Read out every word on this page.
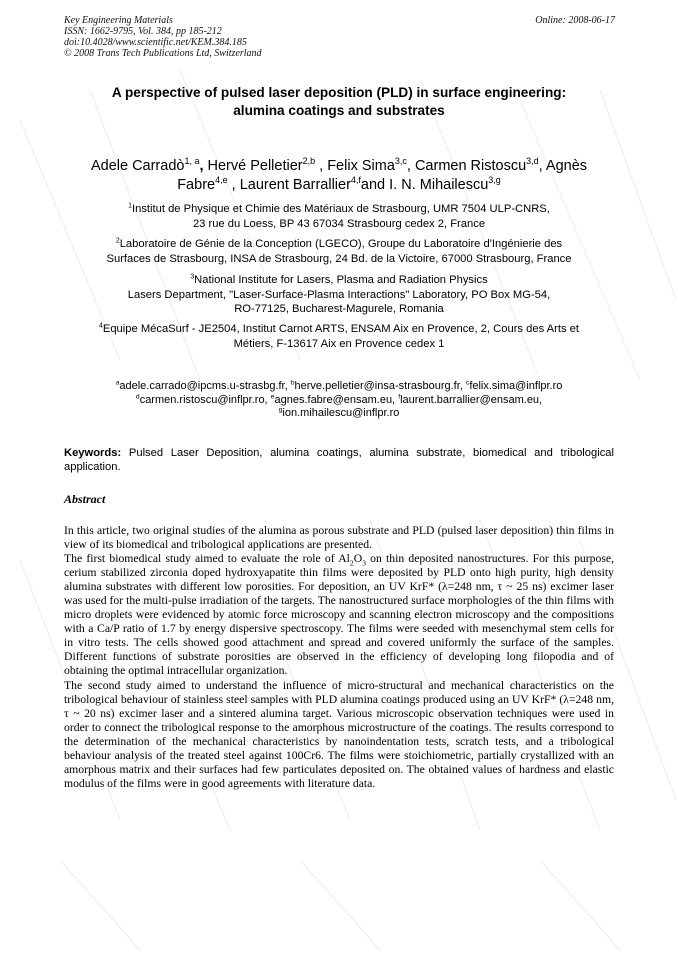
Key Engineering Materials
ISSN: 1662-9795, Vol. 384, pp 185-212
doi:10.4028/www.scientific.net/KEM.384.185
© 2008 Trans Tech Publications Ltd, Switzerland
Online: 2008-06-17
A perspective of pulsed laser deposition (PLD) in surface engineering:
alumina coatings and substrates
Adele Carradò$^{1, a}$, Hervé Pelletier$^{2,b}$ , Felix Sima$^{3,c}$, Carmen Ristoscu$^{3,d}$, Agnès
Fabre$^{4,e}$ , Laurent Barrallier$^{4,f}$and I. N. Mihailescu$^{3,g}$
$^1$Institut de Physique et Chimie des Matériaux de Strasbourg, UMR 7504 ULP-CNRS,
23 rue du Loess, BP 43 67034 Strasbourg cedex 2, France
$^2$Laboratoire de Génie de la Conception (LGECO), Groupe du Laboratoire d'Ingénierie des
Surfaces de Strasbourg, INSA de Strasbourg, 24 Bd. de la Victoire, 67000 Strasbourg, France
$^3$National Institute for Lasers, Plasma and Radiation Physics
Lasers Department, "Laser-Surface-Plasma Interactions" Laboratory, PO Box MG-54,
RO-77125, Bucharest-Magurele, Romania
$^4$Equipe MécaSurf - JE2504, Institut Carnot ARTS, ENSAM Aix en Provence, 2, Cours des Arts et
Métiers, F-13617 Aix en Provence cedex 1
$^a$adele.carrado@ipcms.u-strasbg.fr, $^b$herve.pelletier@insa-strasbourg.fr, $^c$felix.sima@inflpr.ro
$^d$carmen.ristoscu@inflpr.ro, $^e$agnes.fabre@ensam.eu, $^f$laurent.barrallier@ensam.eu,
$^g$ion.mihailescu@inflpr.ro
Keywords: Pulsed Laser Deposition, alumina coatings, alumina substrate, biomedical and tribological application.
Abstract

In this article, two original studies of the alumina as porous substrate and PLD (pulsed laser deposition) thin films in view of its biomedical and tribological applications are presented.

The first biomedical study aimed to evaluate the role of $Al_2O_3$ on thin deposited nanostructures. For this purpose, cerium stabilized zirconia doped hydroxyapatite thin films were deposited by PLD onto high purity, high density alumina substrates with different low porosities. For deposition, an UV KrF* (λ=248 nm, τ ~ 25 ns) excimer laser was used for the multi-pulse irradiation of the targets. The nanostructured surface morphologies of the thin films with micro droplets were evidenced by atomic force microscopy and scanning electron microscopy and the compositions with a Ca/P ratio of 1.7 by energy dispersive spectroscopy. The films were seeded with mesenchymal stem cells for in vitro tests. The cells showed good attachment and spread and covered uniformly the surface of the samples. Different functions of substrate porosities are observed in the efficiency of developing long filopodia and of obtaining the optimal intracellular organization.

The second study aimed to understand the influence of micro-structural and mechanical characteristics on the tribological behaviour of stainless steel samples with PLD alumina coatings produced using an UV KrF* (λ=248 nm, τ ~ 20 ns) excimer laser and a sintered alumina target. Various microscopic observation techniques were used in order to connect the tribological response to the amorphous microstructure of the coatings. The results correspond to the determination of the mechanical characteristics by nanoindentation tests, scratch tests, and a tribological behaviour analysis of the treated steel against 100Cr6. The films were stoichiometric, partially crystallized with an amorphous matrix and their surfaces had few particulates deposited on. The obtained values of hardness and elastic modulus of the films were in good agreements with literature data.
